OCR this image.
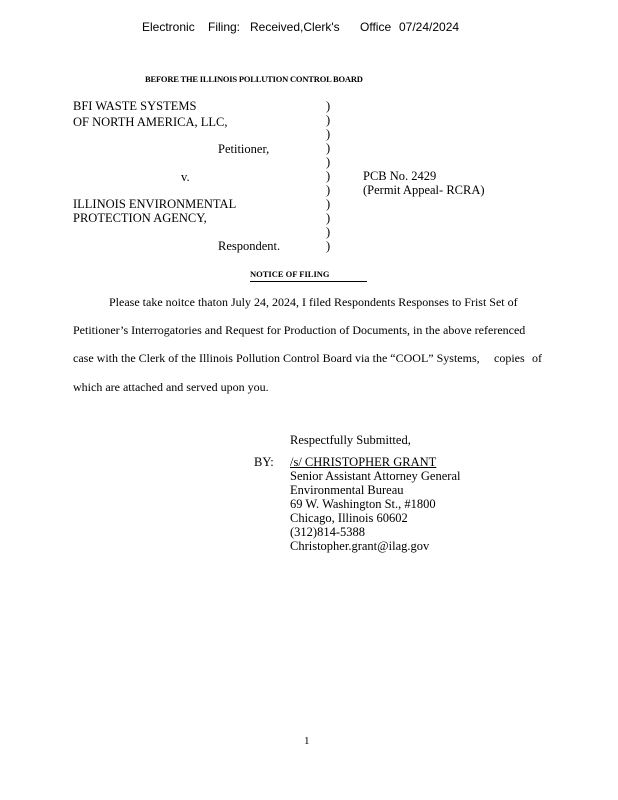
Electronic Filing: Received,Clerk's Office 07/24/2024
BEFORE THE ILLINOIS POLLUTION CONTROL BOARD
BFI WASTE SYSTEMS
OF NORTH AMERICA, LLC,
Petitioner,
v.
ILLINOIS ENVIRONMENTAL
PROTECTION AGENCY,
Respondent.
)
)
)
)
)
)
)
)
)
)
)
PCB No. 2429
(Permit Appeal- RCRA)
NOTICE OF FILING
Please take noitce thaton July 24, 2024, I filed Respondents Responses to Frist Set of
Petitioner’s Interrogatories and Request for Production of Documents, in the above referenced
case with the Clerk of the Illinois Pollution Control Board via the “COOL” Systems, copies of
which are attached and served upon you.
Respectfully Submitted,
BY: /s/ CHRISTOPHER GRANT
Senior Assistant Attorney General
Environmental Bureau
69 W. Washington St., #1800
Chicago, Illinois 60602
(312)814-5388
Christopher.grant@ilag.gov
1
